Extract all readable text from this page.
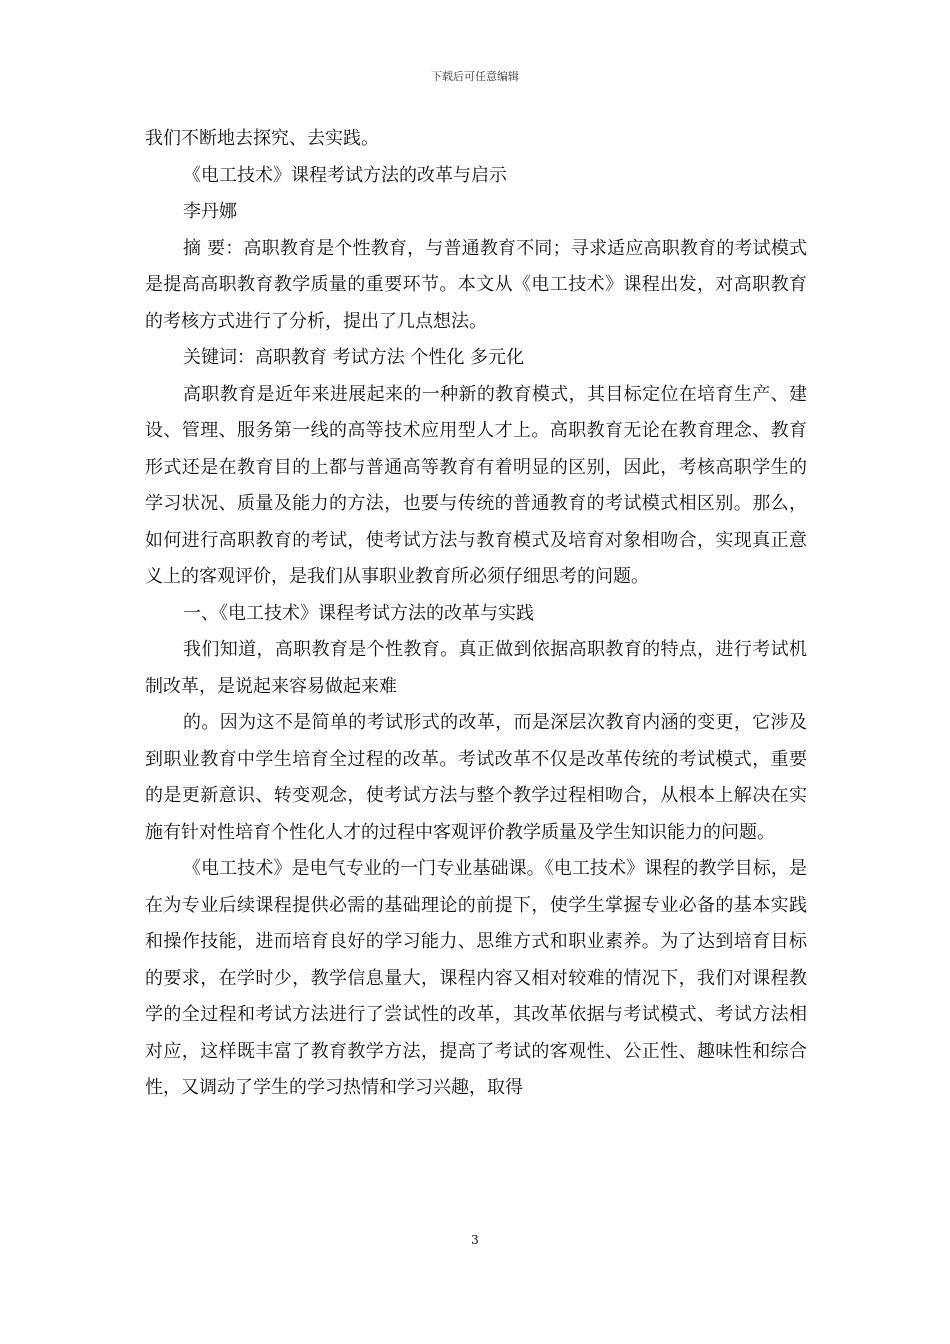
下载后可任意编辑

我们不断地去探究、去实践。

《电工技术》课程考试方法的改革与启示

李丹娜

摘 要：高职教育是个性教育，与普通教育不同；寻求适应高职教育的考试模式是提高高职教育教学质量的重要环节。本文从《电工技术》课程出发，对高职教育的考核方式进行了分析，提出了几点想法。

关键词：高职教育 考试方法 个性化 多元化

高职教育是近年来进展起来的一种新的教育模式，其目标定位在培育生产、建设、管理、服务第一线的高等技术应用型人才上。高职教育无论在教育理念、教育形式还是在教育目的上都与普通高等教育有着明显的区别，因此，考核高职学生的学习状况、质量及能力的方法，也要与传统的普通教育的考试模式相区别。那么，如何进行高职教育的考试，使考试方法与教育模式及培育对象相吻合，实现真正意义上的客观评价，是我们从事职业教育所必须仔细思考的问题。

一、《电工技术》课程考试方法的改革与实践

我们知道，高职教育是个性教育。真正做到依据高职教育的特点，进行考试机制改革，是说起来容易做起来难

的。因为这不是简单的考试形式的改革，而是深层次教育内涵的变更，它涉及到职业教育中学生培育全过程的改革。考试改革不仅是改革传统的考试模式，重要的是更新意识、转变观念，使考试方法与整个教学过程相吻合，从根本上解决在实施有针对性培育个性化人才的过程中客观评价教学质量及学生知识能力的问题。

《电工技术》是电气专业的一门专业基础课。《电工技术》课程的教学目标，是在为专业后续课程提供必需的基础理论的前提下，使学生掌握专业必备的基本实践和操作技能，进而培育良好的学习能力、思维方式和职业素养。为了达到培育目标的要求，在学时少，教学信息量大，课程内容又相对较难的情况下，我们对课程教学的全过程和考试方法进行了尝试性的改革，其改革依据与考试模式、考试方法相对应，这样既丰富了教育教学方法，提高了考试的客观性、公正性、趣味性和综合性，又调动了学生的学习热情和学习兴趣，取得

3
